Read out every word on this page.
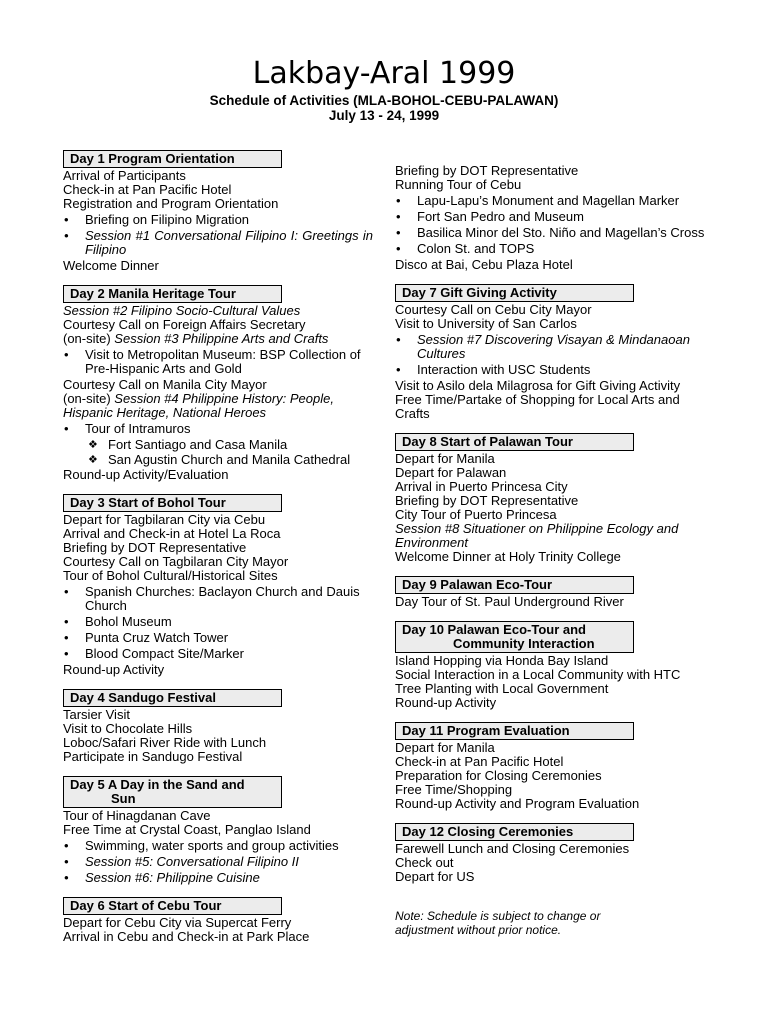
Lakbay-Aral 1999
Schedule of Activities (MLA-BOHOL-CEBU-PALAWAN)
July 13 - 24, 1999
Day 1 Program Orientation
Arrival of Participants
Check-in at Pan Pacific Hotel
Registration and Program Orientation
• Briefing on Filipino Migration
• Session #1 Conversational Filipino I: Greetings in Filipino
Welcome Dinner
Day 2 Manila Heritage Tour
Session #2 Filipino Socio-Cultural Values
Courtesy Call on Foreign Affairs Secretary
(on-site) Session #3 Philippine Arts and Crafts
• Visit to Metropolitan Museum: BSP Collection of Pre-Hispanic Arts and Gold
Courtesy Call on Manila City Mayor
(on-site) Session #4 Philippine History: People, Hispanic Heritage, National Heroes
• Tour of Intramuros
❖ Fort Santiago and Casa Manila
❖ San Agustin Church and Manila Cathedral
Round-up Activity/Evaluation
Day 3 Start of Bohol Tour
Depart for Tagbilaran City via Cebu
Arrival and Check-in at Hotel La Roca
Briefing by DOT Representative
Courtesy Call on Tagbilaran City Mayor
Tour of Bohol Cultural/Historical Sites
• Spanish Churches: Baclayon Church and Dauis Church
• Bohol Museum
• Punta Cruz Watch Tower
• Blood Compact Site/Marker
Round-up Activity
Day 4 Sandugo Festival
Tarsier Visit
Visit to Chocolate Hills
Loboc/Safari River Ride with Lunch
Participate in Sandugo Festival
Day 5 A Day in the Sand and
Sun
Tour of Hinagdanan Cave
Free Time at Crystal Coast, Panglao Island
• Swimming, water sports and group activities
• Session #5: Conversational Filipino II
• Session #6: Philippine Cuisine
Day 6 Start of Cebu Tour
Depart for Cebu City via Supercat Ferry
Arrival in Cebu and Check-in at Park Place
Briefing by DOT Representative
Running Tour of Cebu
• Lapu-Lapu’s Monument and Magellan Marker
• Fort San Pedro and Museum
• Basilica Minor del Sto. Niño and Magellan’s Cross
• Colon St. and TOPS
Disco at Bai, Cebu Plaza Hotel
Day 7 Gift Giving Activity
Courtesy Call on Cebu City Mayor
Visit to University of San Carlos
• Session #7 Discovering Visayan & Mindanaoan Cultures
• Interaction with USC Students
Visit to Asilo dela Milagrosa for Gift Giving Activity
Free Time/Partake of Shopping for Local Arts and Crafts
Day 8 Start of Palawan Tour
Depart for Manila
Depart for Palawan
Arrival in Puerto Princesa City
Briefing by DOT Representative
City Tour of Puerto Princesa
Session #8 Situationer on Philippine Ecology and Environment
Welcome Dinner at Holy Trinity College
Day 9 Palawan Eco-Tour
Day Tour of St. Paul Underground River
Day 10 Palawan Eco-Tour and
Community Interaction
Island Hopping via Honda Bay Island
Social Interaction in a Local Community with HTC
Tree Planting with Local Government
Round-up Activity
Day 11 Program Evaluation
Depart for Manila
Check-in at Pan Pacific Hotel
Preparation for Closing Ceremonies
Free Time/Shopping
Round-up Activity and Program Evaluation
Day 12 Closing Ceremonies
Farewell Lunch and Closing Ceremonies
Check out
Depart for US
Note: Schedule is subject to change or adjustment without prior notice.
